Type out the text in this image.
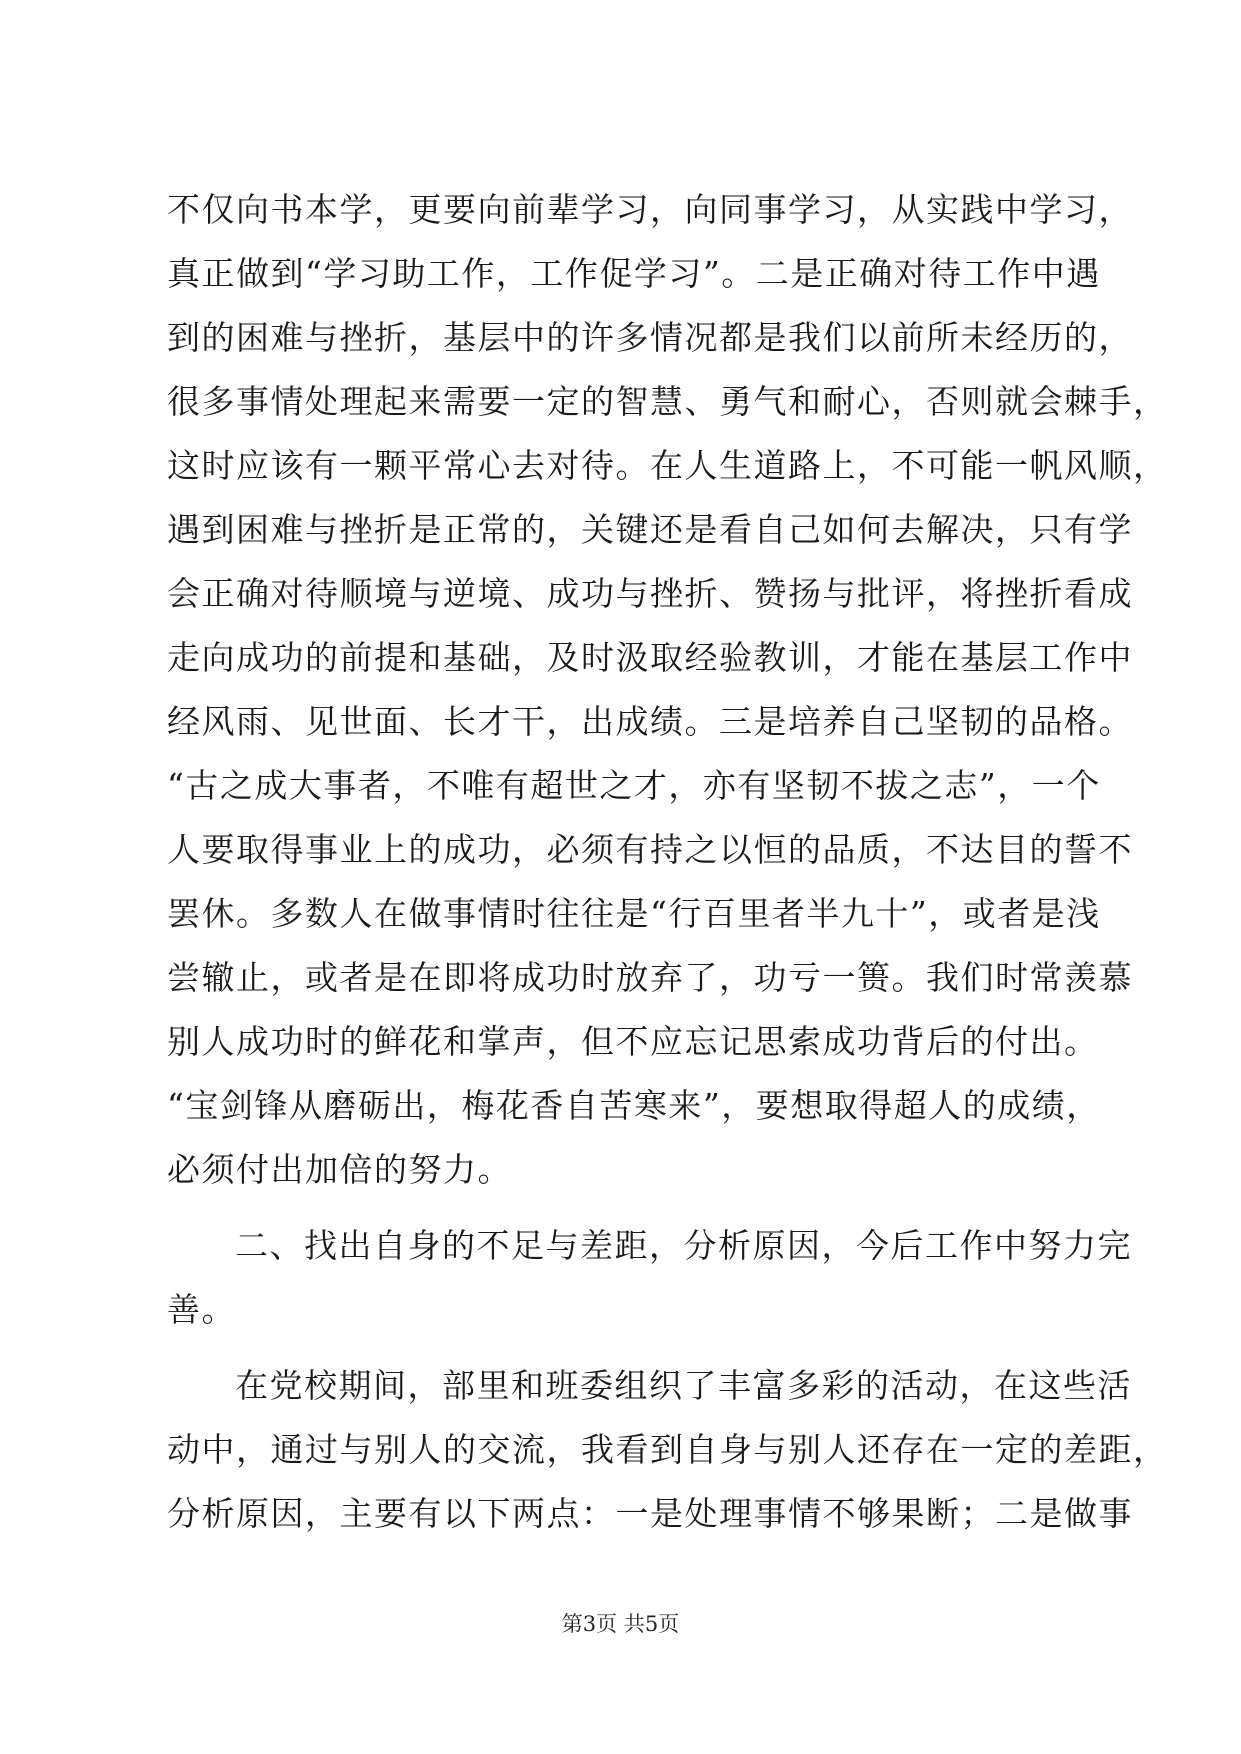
不仅向书本学，更要向前辈学习，向同事学习，从实践中学习，
真正做到“学习助工作，工作促学习”。二是正确对待工作中遇
到的困难与挫折，基层中的许多情况都是我们以前所未经历的，
很多事情处理起来需要一定的智慧、勇气和耐心，否则就会棘手，
这时应该有一颗平常心去对待。在人生道路上，不可能一帆风顺，
遇到困难与挫折是正常的，关键还是看自己如何去解决，只有学
会正确对待顺境与逆境、成功与挫折、赞扬与批评，将挫折看成
走向成功的前提和基础，及时汲取经验教训，才能在基层工作中
经风雨、见世面、长才干，出成绩。三是培养自己坚韧的品格。
“古之成大事者，不唯有超世之才，亦有坚韧不拔之志”，一个
人要取得事业上的成功，必须有持之以恒的品质，不达目的誓不
罢休。多数人在做事情时往往是“行百里者半九十”，或者是浅
尝辙止，或者是在即将成功时放弃了，功亏一篑。我们时常羡慕
别人成功时的鲜花和掌声，但不应忘记思索成功背后的付出。
“宝剑锋从磨砺出，梅花香自苦寒来”，要想取得超人的成绩，
必须付出加倍的努力。
二、找出自身的不足与差距，分析原因，今后工作中努力完
善。
在党校期间，部里和班委组织了丰富多彩的活动，在这些活
动中，通过与别人的交流，我看到自身与别人还存在一定的差距，
分析原因，主要有以下两点：一是处理事情不够果断；二是做事
第3页 共5页
